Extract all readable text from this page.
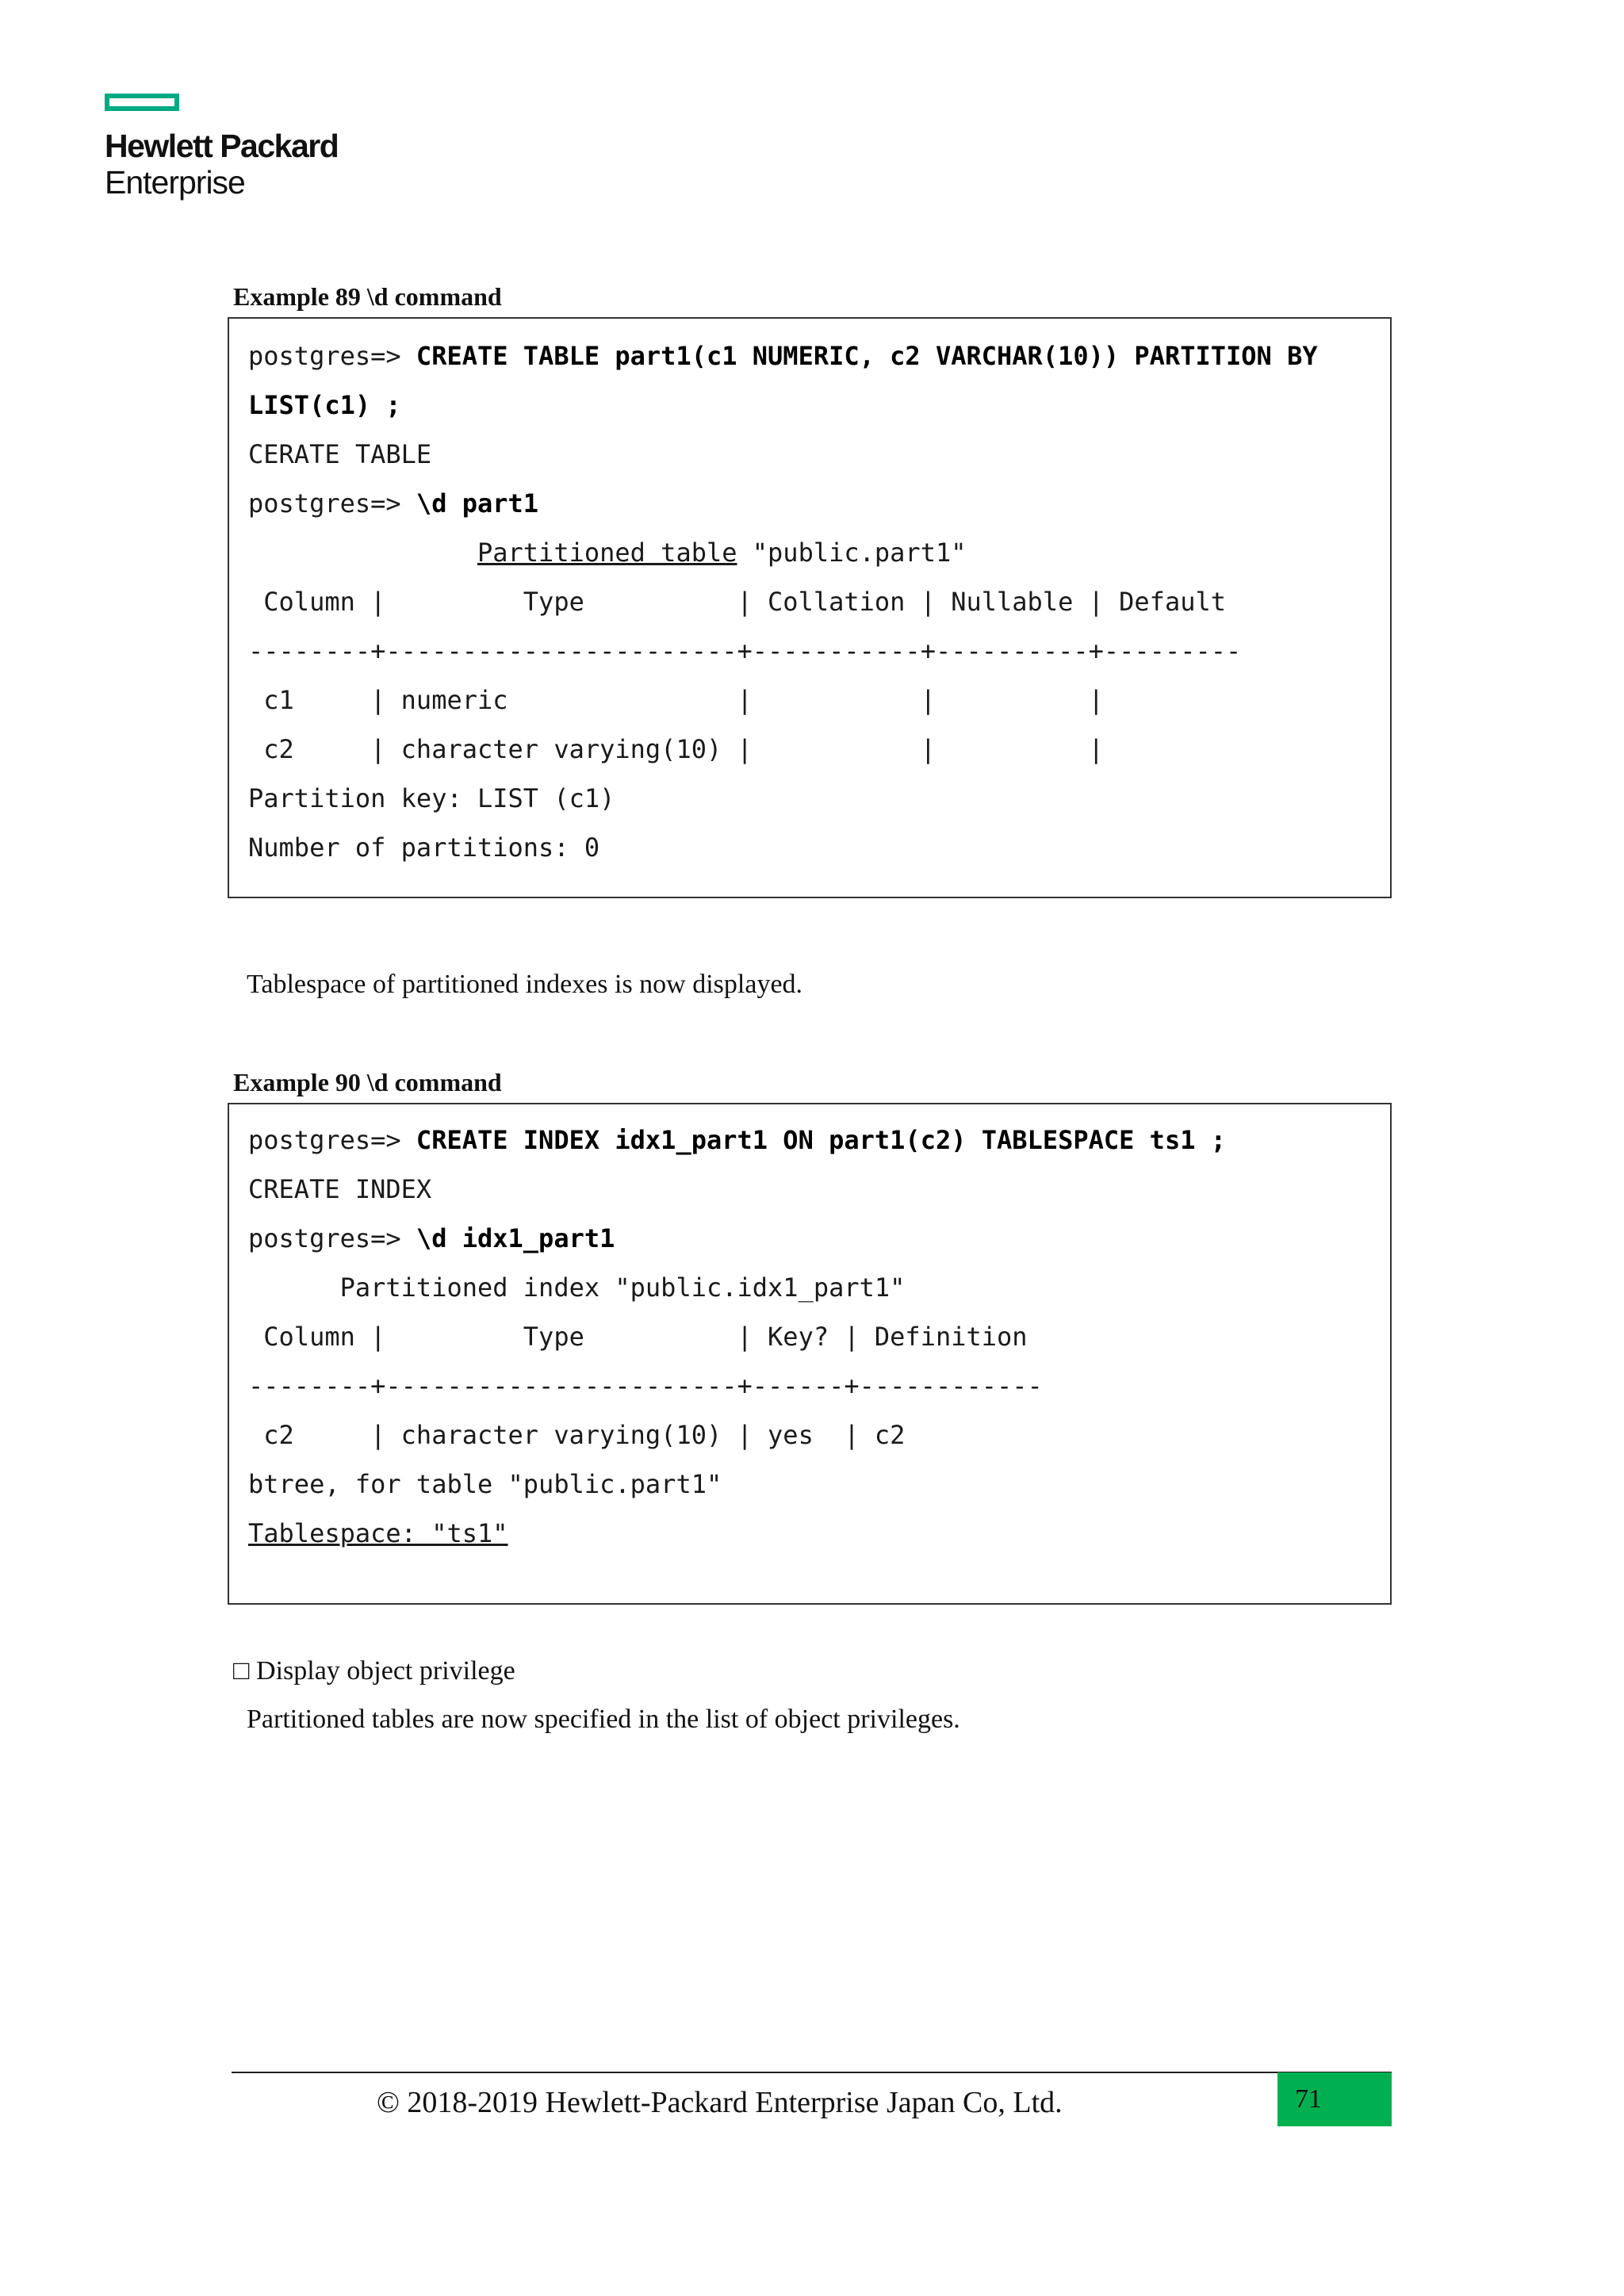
Hewlett Packard
Enterprise
Example 89 \d command
postgres=> CREATE TABLE part1(c1 NUMERIC, c2 VARCHAR(10)) PARTITION BY
LIST(c1) ;
CERATE TABLE
postgres=> \d part1
Partitioned table "public.part1"
Column |         Type          | Collation | Nullable | Default
--------+-----------------------+-----------+----------+---------
c1     | numeric               |           |          |
c2     | character varying(10) |           |          |
Partition key: LIST (c1)
Number of partitions: 0
Tablespace of partitioned indexes is now displayed.
Example 90 \d command
postgres=> CREATE INDEX idx1_part1 ON part1(c2) TABLESPACE ts1 ;
CREATE INDEX
postgres=> \d idx1_part1
Partitioned index "public.idx1_part1"
Column |         Type          | Key? | Definition
--------+-----------------------+------+------------
c2     | character varying(10) | yes  | c2
btree, for table "public.part1"
Tablespace: "ts1"
□ Display object privilege
Partitioned tables are now specified in the list of object privileges.
© 2018-2019 Hewlett-Packard Enterprise Japan Co, Ltd.	71
